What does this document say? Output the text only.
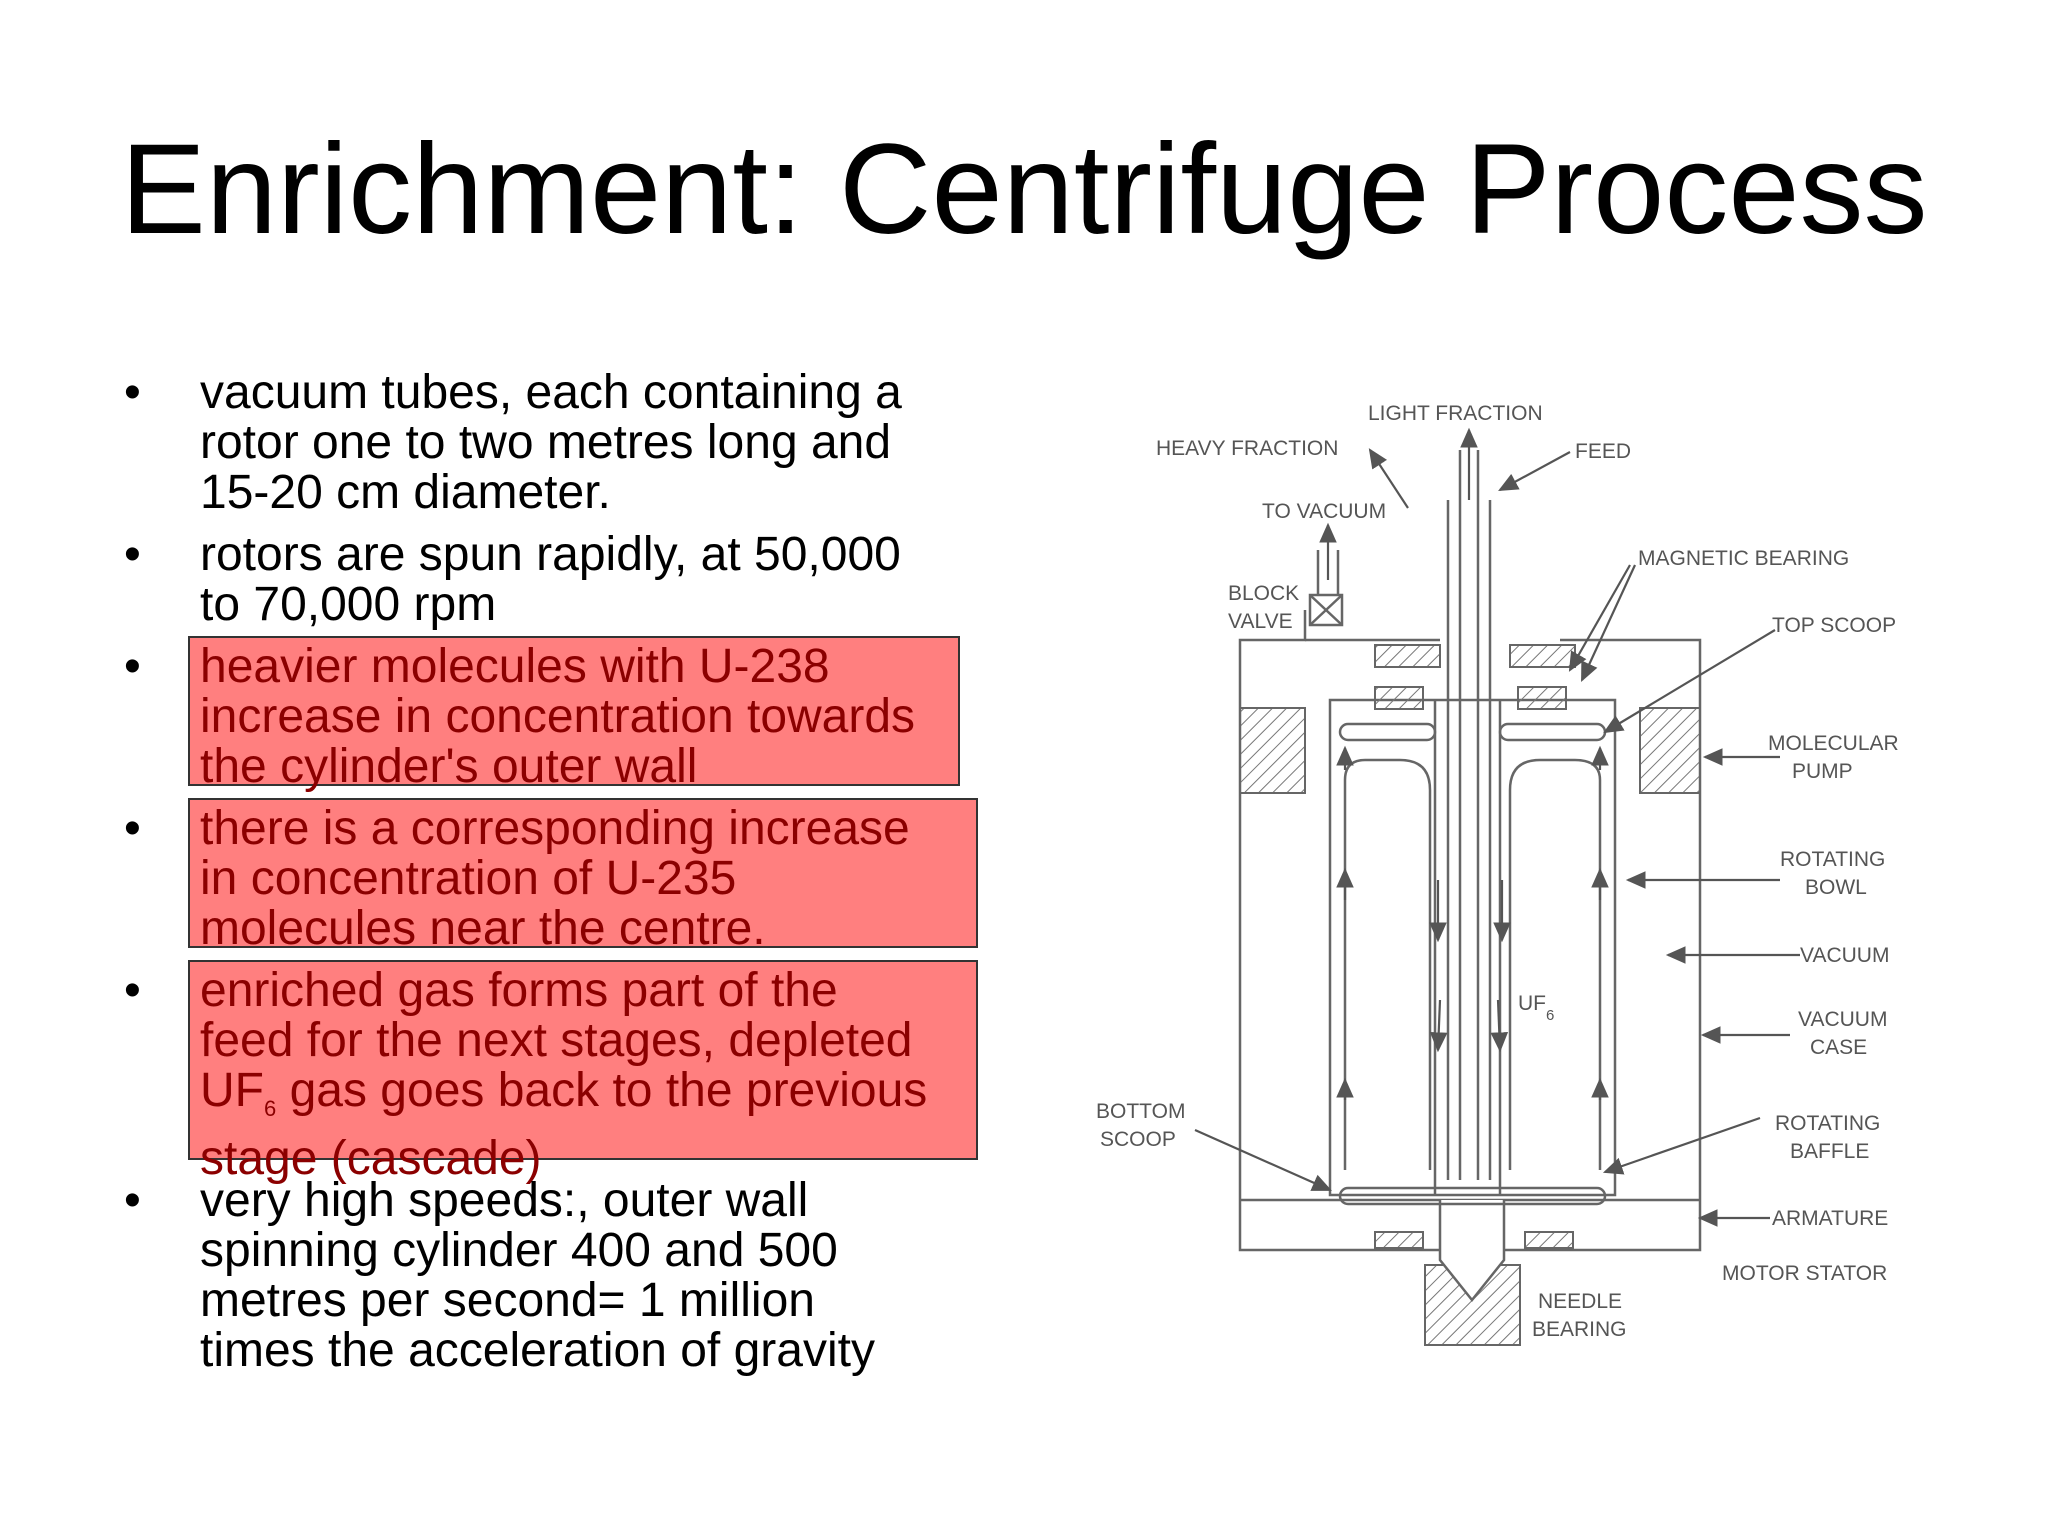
Enrichment: Centrifuge Process
• vacuum tubes, each containing a
rotor one to two metres long and
15-20 cm diameter.
• rotors are spun rapidly, at 50,000
to 70,000 rpm
• heavier molecules with U-238
increase in concentration towards
the cylinder's outer wall
• there is a corresponding increase
in concentration of U-235
molecules near the centre.
• enriched gas forms part of the
feed for the next stages, depleted
$UF_6$ gas goes back to the previous
stage (cascade)
• very high speeds:, outer wall
spinning cylinder 400 and 500
metres per second= 1 million
times the acceleration of gravity
LIGHT FRACTION
HEAVY FRACTION	FEED
TO VACUUM
BLOCK
VALVE
MAGNETIC BEARING
TOP SCOOP
MOLECULAR
PUMP
ROTATING
BOWL
VACUUM
VACUUM
CASE
$UF_6$
BOTTOM
SCOOP
ROTATING
BAFFLE
ARMATURE
MOTOR STATOR
NEEDLE
BEARING
